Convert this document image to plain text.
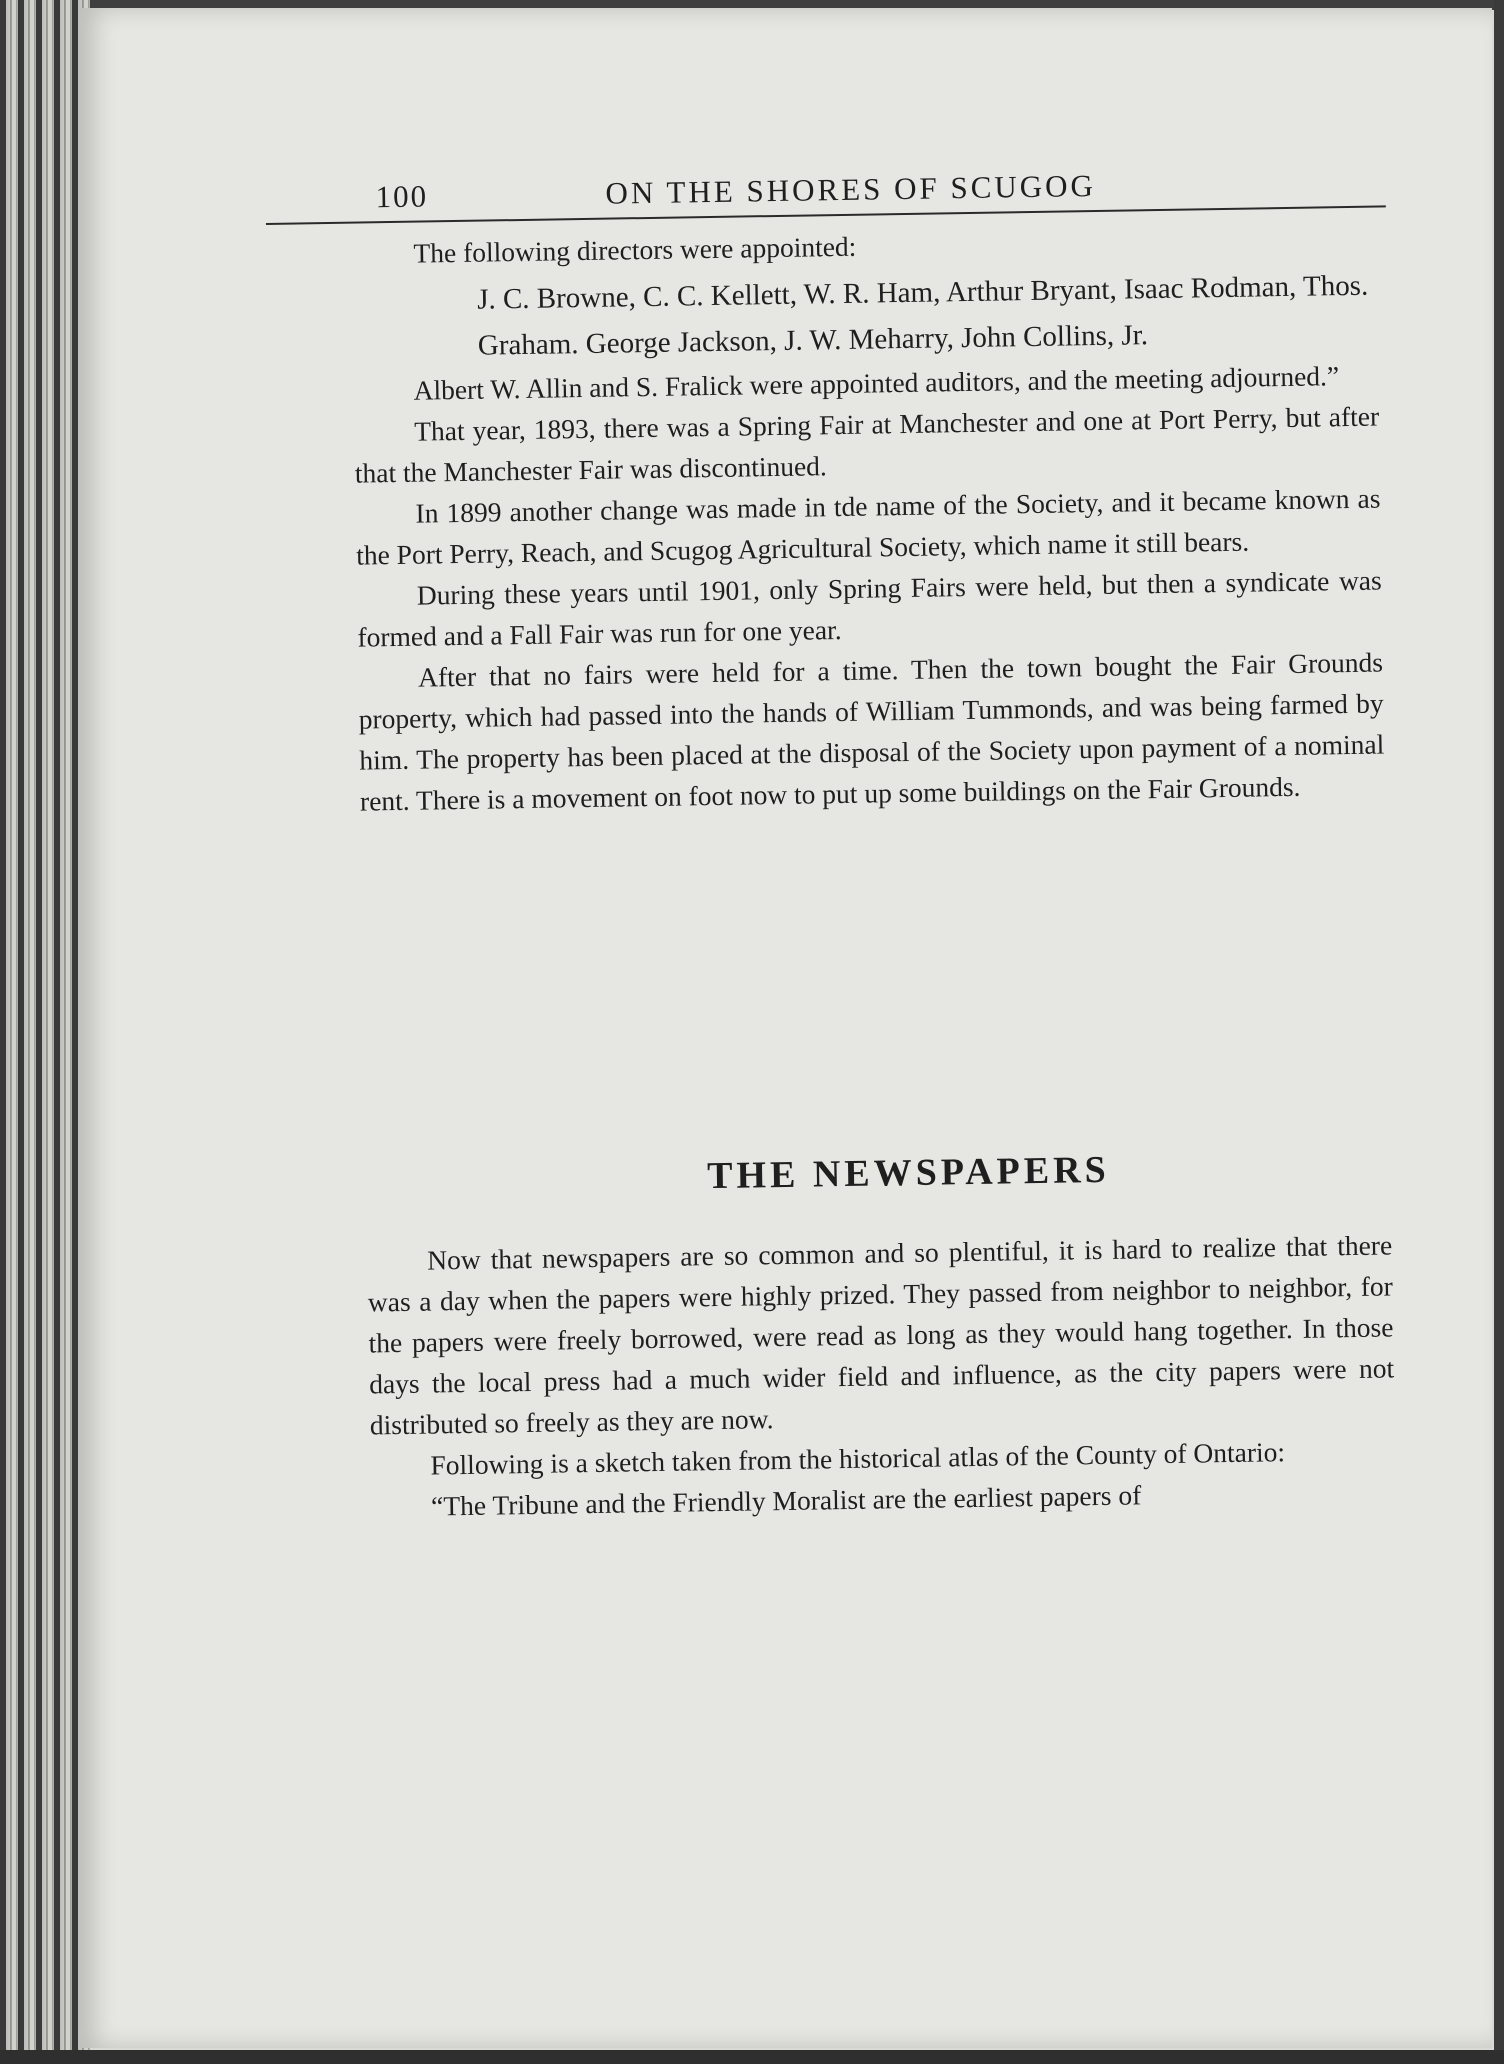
100	ON THE SHORES OF SCUGOG

The following directors were appointed:

J. C. Browne, C. C. Kellett, W. R. Ham, Arthur Bryant, Isaac Rodman, Thos. Graham. George Jackson, J. W. Meharry, John Collins, Jr.

Albert W. Allin and S. Fralick were appointed auditors, and the meeting adjourned.”

That year, 1893, there was a Spring Fair at Manchester and one at Port Perry, but after that the Manchester Fair was discontinued.

In 1899 another change was made in tde name of the Society, and it became known as the Port Perry, Reach, and Scugog Agricultural Society, which name it still bears.

During these years until 1901, only Spring Fairs were held, but then a syndicate was formed and a Fall Fair was run for one year.

After that no fairs were held for a time. Then the town bought the Fair Grounds property, which had passed into the hands of William Tummonds, and was being farmed by him. The property has been placed at the disposal of the Society upon payment of a nominal rent. There is a movement on foot now to put up some buildings on the Fair Grounds.

THE NEWSPAPERS

Now that newspapers are so common and so plentiful, it is hard to realize that there was a day when the papers were highly prized. They passed from neighbor to neighbor, for the papers were freely borrowed, were read as long as they would hang together. In those days the local press had a much wider field and influence, as the city papers were not distributed so freely as they are now.

Following is a sketch taken from the historical atlas of the County of Ontario:

“The Tribune and the Friendly Moralist are the earliest papers of
